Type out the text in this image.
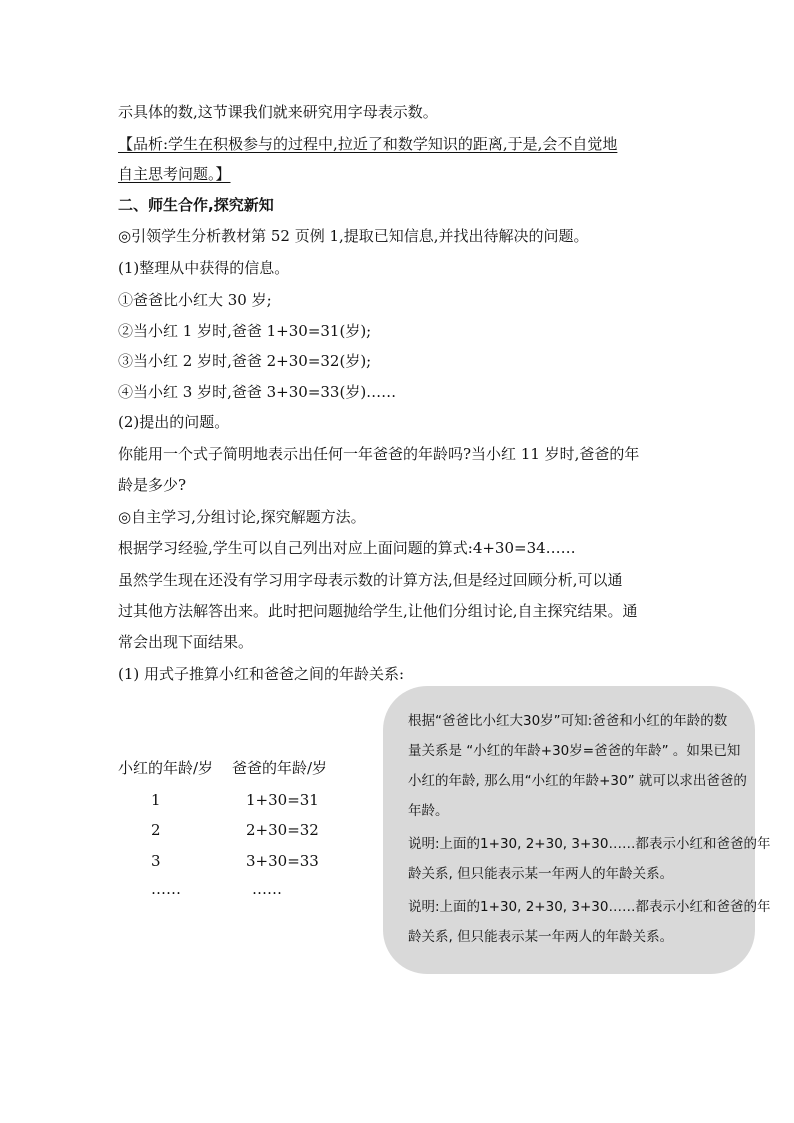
示具体的数,这节课我们就来研究用字母表示数。
【品析:学生在积极参与的过程中,拉近了和数学知识的距离,于是,会不自觉地
自主思考问题。】
二、师生合作,探究新知
◎引领学生分析教材第 52 页例 1,提取已知信息,并找出待解决的问题。
(1)整理从中获得的信息。
①爸爸比小红大 30 岁;
②当小红 1 岁时,爸爸 1+30=31(岁);
③当小红 2 岁时,爸爸 2+30=32(岁);
④当小红 3 岁时,爸爸 3+30=33(岁)……
(2)提出的问题。
你能用一个式子简明地表示出任何一年爸爸的年龄吗?当小红 11 岁时,爸爸的年
龄是多少?
◎自主学习,分组讨论,探究解题方法。
根据学习经验,学生可以自己列出对应上面问题的算式:4+30=34……
虽然学生现在还没有学习用字母表示数的计算方法,但是经过回顾分析,可以通
过其他方法解答出来。此时把问题抛给学生,让他们分组讨论,自主探究结果。通
常会出现下面结果。
(1) 用式子推算小红和爸爸之间的年龄关系:
小红的年龄/岁 爸爸的年龄/岁
1	1+30=31
2	2+30=32
3	3+30=33
……	……
根据“爸爸比小红大30岁”可知:爸爸和小红的年龄的数
量关系是 “小红的年龄+30岁=爸爸的年龄” 。如果已知
小红的年龄, 那么用“小红的年龄+30” 就可以求出爸爸的
年龄。
说明:上面的1+30, 2+30, 3+30……都表示小红和爸爸的年
龄关系, 但只能表示某一年两人的年龄关系。
说明:上面的1+30, 2+30, 3+30……都表示小红和爸爸的年
龄关系, 但只能表示某一年两人的年龄关系。
